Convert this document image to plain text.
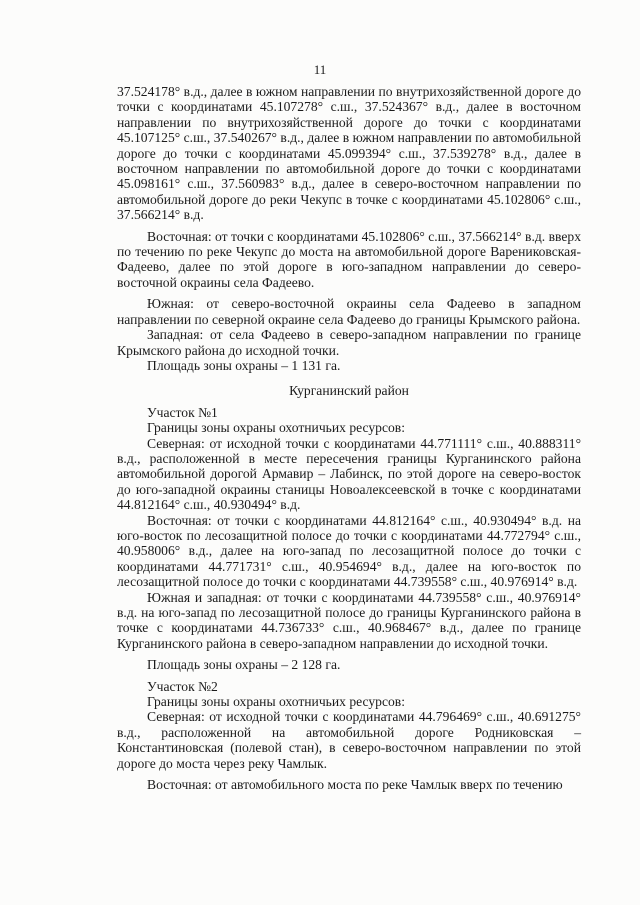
11

37.524178° в.д., далее в южном направлении по внутрихозяйственной дороге до точки с координатами 45.107278° с.ш., 37.524367° в.д., далее в восточном направлении по внутрихозяйственной дороге до точки с координатами 45.107125° с.ш., 37.540267° в.д., далее в южном направлении по автомобильной дороге до точки с координатами 45.099394° с.ш., 37.539278° в.д., далее в восточном направлении по автомобильной дороге до точки с координатами 45.098161° с.ш., 37.560983° в.д., далее в северо-восточном направлении по автомобильной дороге до реки Чекупс в точке с координатами 45.102806° с.ш., 37.566214° в.д.

Восточная: от точки с координатами 45.102806° с.ш., 37.566214° в.д. вверх по течению по реке Чекупс до моста на автомобильной дороге Варениковская-Фадеево, далее по этой дороге в юго-западном направлении до северо-восточной окраины села Фадеево.

Южная: от северо-восточной окраины села Фадеево в западном направлении по северной окраине села Фадеево до границы Крымского района.

Западная: от села Фадеево в северо-западном направлении по границе Крымского района до исходной точки.

Площадь зоны охраны – 1 131 га.

Курганинский район

Участок №1

Границы зоны охраны охотничьих ресурсов:

Северная: от исходной точки с координатами 44.771111° с.ш., 40.888311° в.д., расположенной в месте пересечения границы Курганинского района автомобильной дорогой Армавир – Лабинск, по этой дороге на северо-восток до юго-западной окраины станицы Новоалексеевской в точке с координатами 44.812164° с.ш., 40.930494° в.д.

Восточная: от точки с координатами 44.812164° с.ш., 40.930494° в.д. на юго-восток по лесозащитной полосе до точки с координатами 44.772794° с.ш., 40.958006° в.д., далее на юго-запад по лесозащитной полосе до точки с координатами 44.771731° с.ш., 40.954694° в.д., далее на юго-восток по лесозащитной полосе до точки с координатами 44.739558° с.ш., 40.976914° в.д.

Южная и западная: от точки с координатами 44.739558° с.ш., 40.976914° в.д. на юго-запад по лесозащитной полосе до границы Курганинского района в точке с координатами 44.736733° с.ш., 40.968467° в.д., далее по границе Курганинского района в северо-западном направлении до исходной точки.

Площадь зоны охраны – 2 128 га.

Участок №2

Границы зоны охраны охотничьих ресурсов:

Северная: от исходной точки с координатами 44.796469° с.ш., 40.691275° в.д., расположенной на автомобильной дороге Родниковская – Константиновская (полевой стан), в северо-восточном направлении по этой дороге до моста через реку Чамлык.

Восточная: от автомобильного моста по реке Чамлык вверх по течению
